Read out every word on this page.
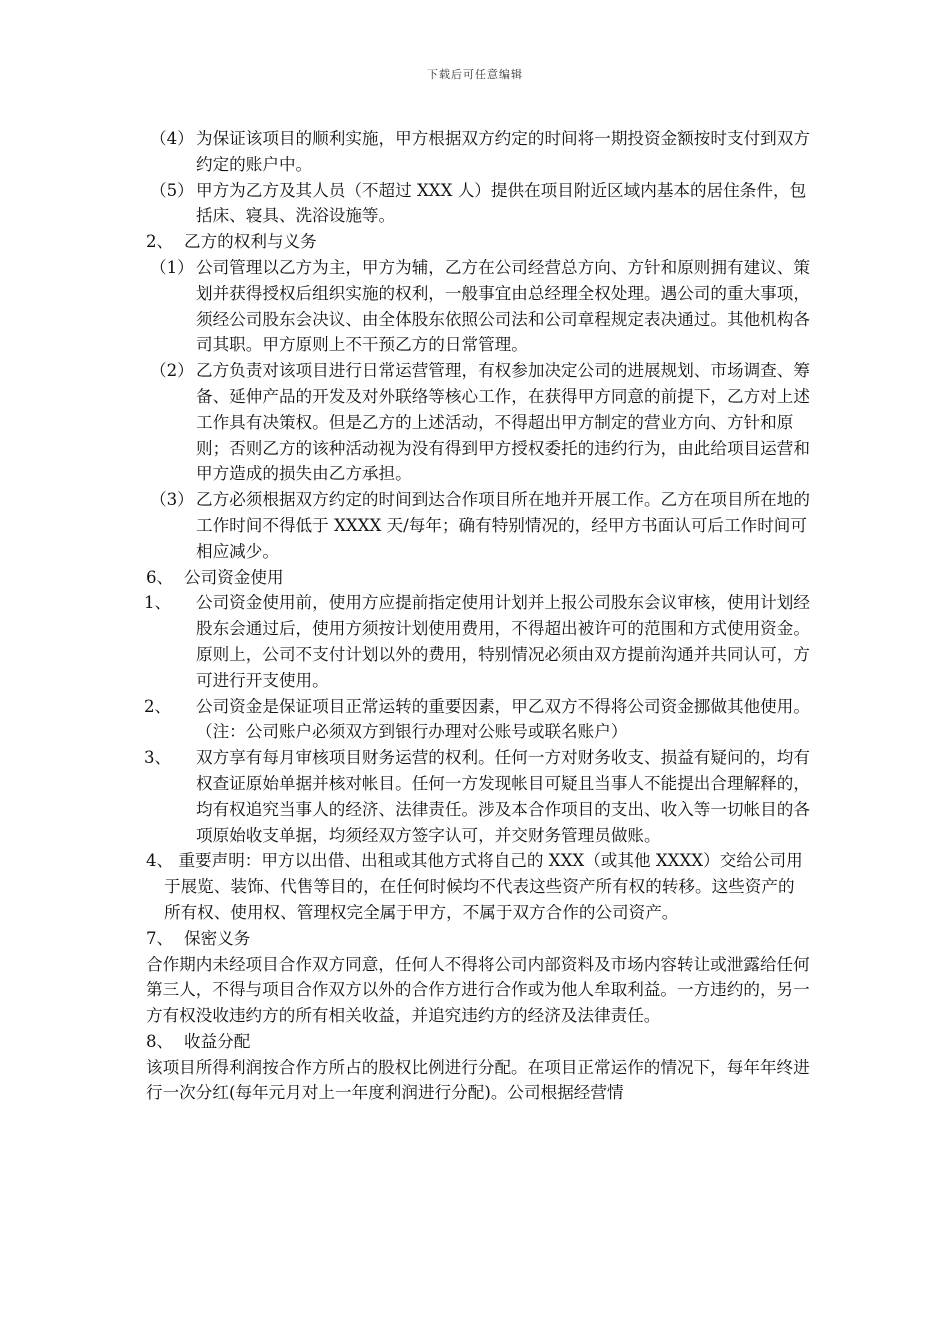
下载后可任意编辑
（4） 为保证该项目的顺利实施，甲方根据双方约定的时间将一期投资金额按时支付到双方约定的账户中。
（5） 甲方为乙方及其人员（不超过 XXX 人）提供在项目附近区域内基本的居住条件，包括床、寝具、洗浴设施等。
2、 乙方的权利与义务
（1） 公司管理以乙方为主，甲方为辅，乙方在公司经营总方向、方针和原则拥有建议、策划并获得授权后组织实施的权利，一般事宜由总经理全权处理。遇公司的重大事项，须经公司股东会决议、由全体股东依照公司法和公司章程规定表决通过。其他机构各司其职。甲方原则上不干预乙方的日常管理。
（2） 乙方负责对该项目进行日常运营管理，有权参加决定公司的进展规划、市场调查、筹备、延伸产品的开发及对外联络等核心工作，在获得甲方同意的前提下，乙方对上述工作具有决策权。但是乙方的上述活动，不得超出甲方制定的营业方向、方针和原则；否则乙方的该种活动视为没有得到甲方授权委托的违约行为，由此给项目运营和甲方造成的损失由乙方承担。
（3） 乙方必须根据双方约定的时间到达合作项目所在地并开展工作。乙方在项目所在地的工作时间不得低于 XXXX 天/每年；确有特别情况的，经甲方书面认可后工作时间可相应减少。
6、 公司资金使用
1、 公司资金使用前，使用方应提前指定使用计划并上报公司股东会议审核，使用计划经股东会通过后，使用方须按计划使用费用，不得超出被许可的范围和方式使用资金。原则上，公司不支付计划以外的费用，特别情况必须由双方提前沟通并共同认可，方可进行开支使用。
2、 公司资金是保证项目正常运转的重要因素，甲乙双方不得将公司资金挪做其他使用。（注：公司账户必须双方到银行办理对公账号或联名账户）
3、 双方享有每月审核项目财务运营的权利。任何一方对财务收支、损益有疑问的，均有权查证原始单据并核对帐目。任何一方发现帐目可疑且当事人不能提出合理解释的，均有权追究当事人的经济、法律责任。涉及本合作项目的支出、收入等一切帐目的各项原始收支单据，均须经双方签字认可，并交财务管理员做账。
4、 重要声明：甲方以出借、出租或其他方式将自己的 XXX（或其他 XXXX）交给公司用于展览、装饰、代售等目的，在任何时候均不代表这些资产所有权的转移。这些资产的所有权、使用权、管理权完全属于甲方，不属于双方合作的公司资产。
7、 保密义务
合作期内未经项目合作双方同意，任何人不得将公司内部资料及市场内容转让或泄露给任何第三人，不得与项目合作双方以外的合作方进行合作或为他人牟取利益。一方违约的，另一方有权没收违约方的所有相关收益，并追究违约方的经济及法律责任。
8、 收益分配
该项目所得利润按合作方所占的股权比例进行分配。在项目正常运作的情况下，每年年终进行一次分红(每年元月对上一年度利润进行分配)。公司根据经营情
